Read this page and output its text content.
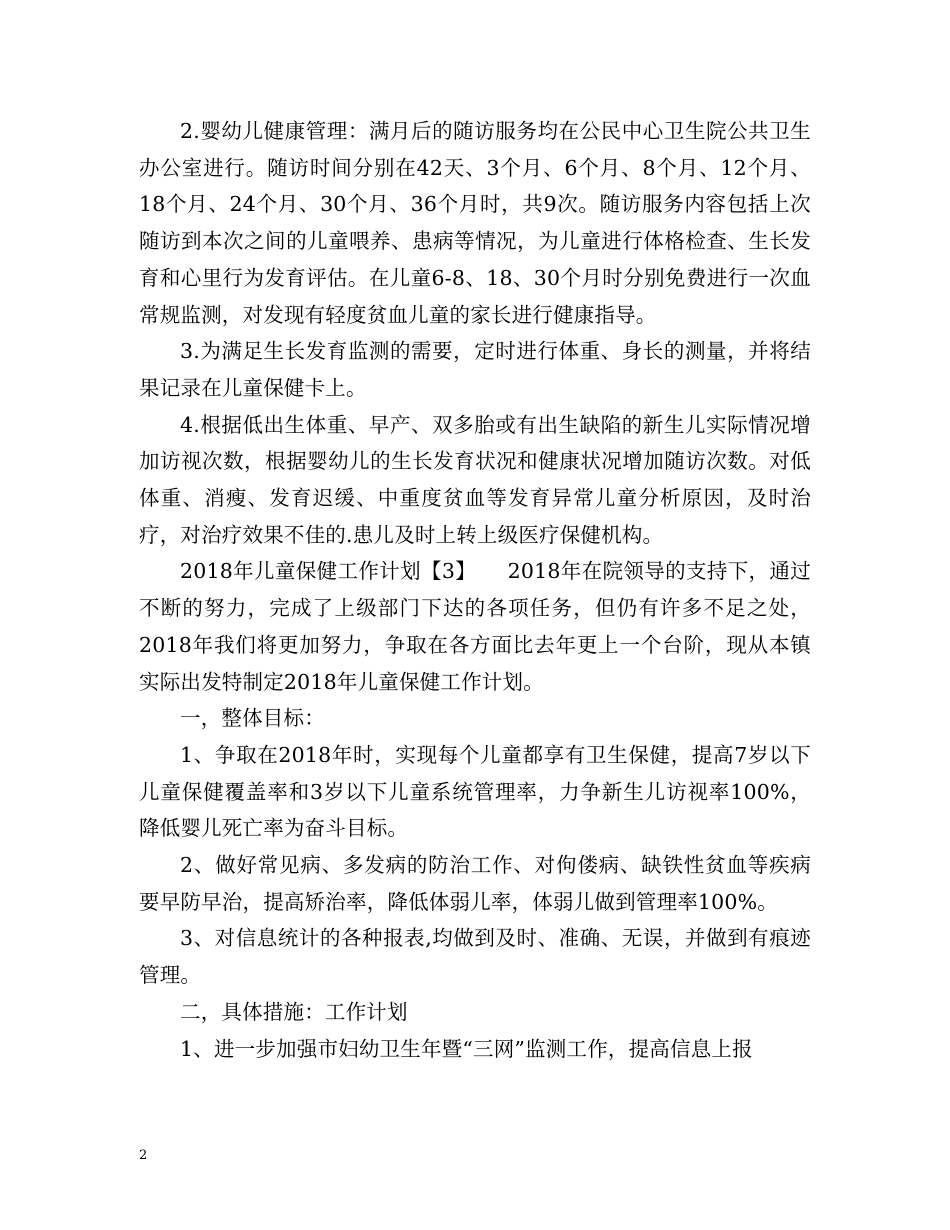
2.婴幼儿健康管理：满月后的随访服务均在公民中心卫生院公共卫生办公室进行。随访时间分别在42天、3个月、6个月、8个月、12个月、  18个月、24个月、30个月、36个月时，共9次。随访服务内容包括上次随访到本次之间的儿童喂养、患病等情况，为儿童进行体格检查、生长发育和心里行为发育评估。在儿童6-8、18、30个月时分别免费进行一次血常规监测，对发现有轻度贫血儿童的家长进行健康指导。

3.为满足生长发育监测的需要，定时进行体重、身长的测量，并将结果记录在儿童保健卡上。

4.根据低出生体重、早产、双多胎或有出生缺陷的新生儿实际情况增加访视次数，根据婴幼儿的生长发育状况和健康状况增加随访次数。对低体重、消瘦、发育迟缓、中重度贫血等发育异常儿童分析原因，及时治疗，对治疗效果不佳的.患儿及时上转上级医疗保健机构。

2018年儿童保健工作计划【3】　　2018年在院领导的支持下，通过不断的努力，完成了上级部门下达的各项任务，但仍有许多不足之处，2018年我们将更加努力，争取在各方面比去年更上一个台阶，现从本镇实际出发特制定2018年儿童保健工作计划。

一，整体目标：

1、争取在2018年时，实现每个儿童都享有卫生保健，提高7岁以下儿童保健覆盖率和3岁以下儿童系统管理率，力争新生儿访视率100%，降低婴儿死亡率为奋斗目标。

2、做好常见病、多发病的防治工作、对佝偻病、缺铁性贫血等疾病要早防早治，提高矫治率，降低体弱儿率，体弱儿做到管理率100%。

3、对信息统计的各种报表,均做到及时、准确、无误，并做到有痕迹管理。

二，具体措施：工作计划

1、进一步加强市妇幼卫生年暨“三网”监测工作，提高信息上报

2
